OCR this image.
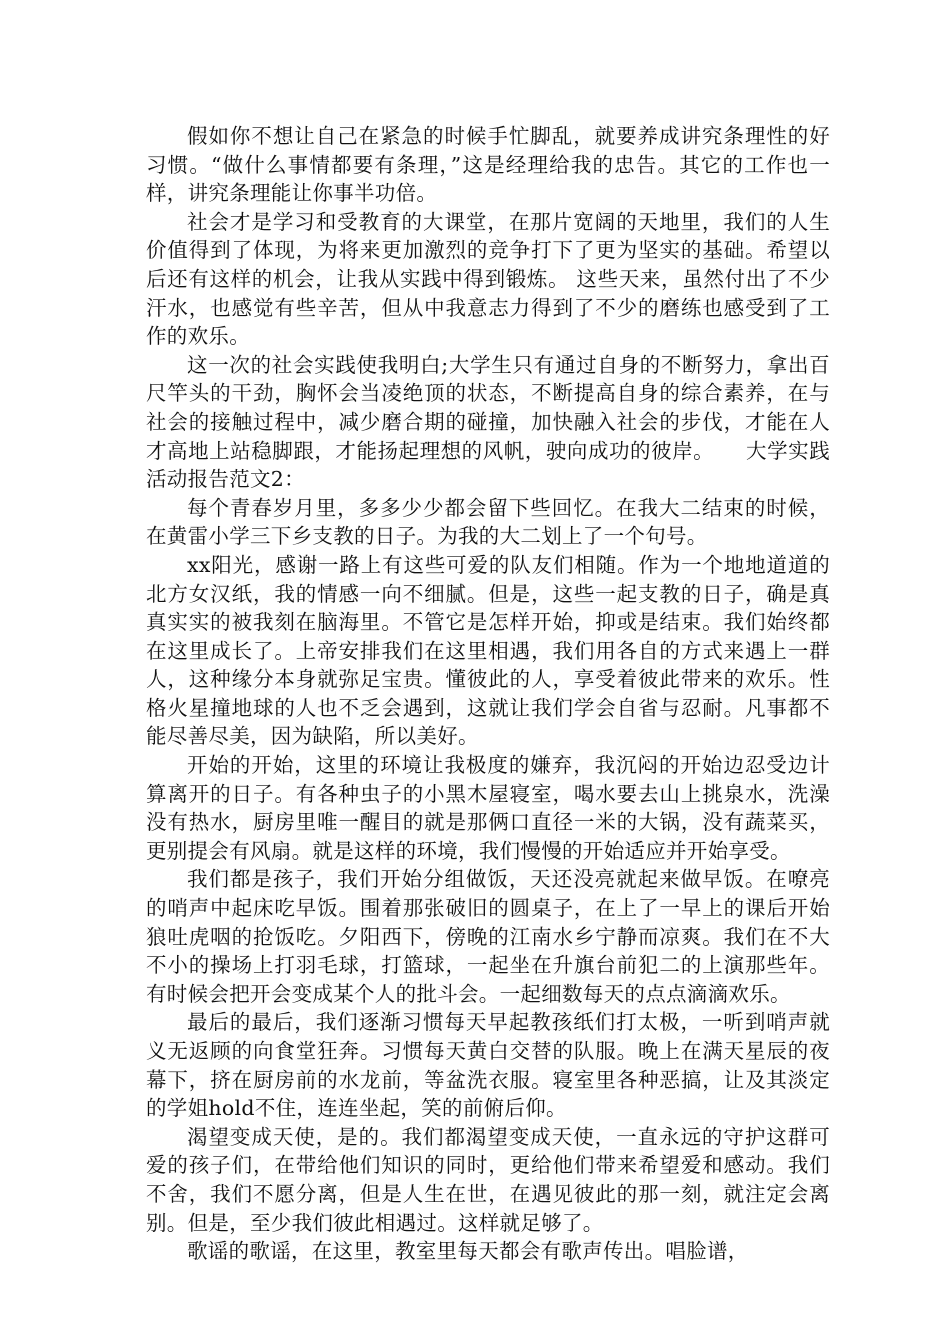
假如你不想让自己在紧急的时候手忙脚乱，就要养成讲究条理性的好习惯。“做什么事情都要有条理，”这是经理给我的忠告。其它的工作也一样，讲究条理能让你事半功倍。

社会才是学习和受教育的大课堂，在那片宽阔的天地里，我们的人生价值得到了体现，为将来更加激烈的竞争打下了更为坚实的基础。希望以后还有这样的机会，让我从实践中得到锻炼。 这些天来，虽然付出了不少汗水，也感觉有些辛苦，但从中我意志力得到了不少的磨练也感受到了工作的欢乐。

这一次的社会实践使我明白;大学生只有通过自身的不断努力，拿出百尺竿头的干劲，胸怀会当凌绝顶的状态，不断提高自身的综合素养，在与社会的接触过程中，减少磨合期的碰撞，加快融入社会的步伐，才能在人才高地上站稳脚跟，才能扬起理想的风帆，驶向成功的彼岸。　　大学实践活动报告范文2：

每个青春岁月里，多多少少都会留下些回忆。在我大二结束的时候，在黄雷小学三下乡支教的日子。为我的大二划上了一个句号。

xx阳光，感谢一路上有这些可爱的队友们相随。作为一个地地道道的北方女汉纸，我的情感一向不细腻。但是，这些一起支教的日子，确是真真实实的被我刻在脑海里。不管它是怎样开始，抑或是结束。我们始终都在这里成长了。上帝安排我们在这里相遇，我们用各自的方式来遇上一群人，这种缘分本身就弥足宝贵。懂彼此的人，享受着彼此带来的欢乐。性格火星撞地球的人也不乏会遇到，这就让我们学会自省与忍耐。凡事都不能尽善尽美，因为缺陷，所以美好。

开始的开始，这里的环境让我极度的嫌弃，我沉闷的开始边忍受边计算离开的日子。有各种虫子的小黑木屋寝室，喝水要去山上挑泉水，洗澡没有热水，厨房里唯一醒目的就是那俩口直径一米的大锅，没有蔬菜买，更别提会有风扇。就是这样的环境，我们慢慢的开始适应并开始享受。

我们都是孩子，我们开始分组做饭，天还没亮就起来做早饭。在嘹亮的哨声中起床吃早饭。围着那张破旧的圆桌子，在上了一早上的课后开始狼吐虎咽的抢饭吃。夕阳西下，傍晚的江南水乡宁静而凉爽。我们在不大不小的操场上打羽毛球，打篮球，一起坐在升旗台前犯二的上演那些年。有时候会把开会变成某个人的批斗会。一起细数每天的点点滴滴欢乐。

最后的最后，我们逐渐习惯每天早起教孩纸们打太极，一听到哨声就义无返顾的向食堂狂奔。习惯每天黄白交替的队服。晚上在满天星辰的夜幕下，挤在厨房前的水龙前，等盆洗衣服。寝室里各种恶搞，让及其淡定的学姐hold不住，连连坐起，笑的前俯后仰。

渴望变成天使，是的。我们都渴望变成天使，一直永远的守护这群可爱的孩子们，在带给他们知识的同时，更给他们带来希望爱和感动。我们不舍，我们不愿分离，但是人生在世，在遇见彼此的那一刻，就注定会离别。但是，至少我们彼此相遇过。这样就足够了。

歌谣的歌谣，在这里，教室里每天都会有歌声传出。唱脸谱，
